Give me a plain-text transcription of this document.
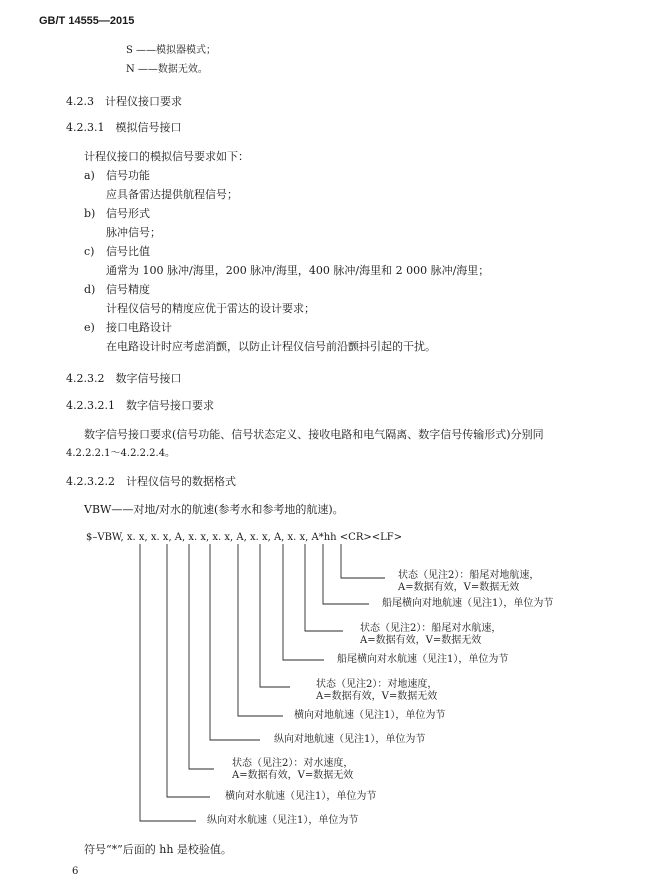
GB/T 14555—2015
S ——模拟器模式；
N ——数据无效。
4.2.3　计程仪接口要求
4.2.3.1　模拟信号接口
计程仪接口的模拟信号要求如下：
a) 信号功能
应具备雷达提供航程信号；
b) 信号形式
脉冲信号；
c) 信号比值
通常为 100 脉冲/海里，200 脉冲/海里，400 脉冲/海里和 2 000 脉冲/海里；
d) 信号精度
计程仪信号的精度应优于雷达的设计要求；
e) 接口电路设计
在电路设计时应考虑消颤，以防止计程仪信号前沿颤抖引起的干扰。
4.2.3.2　数字信号接口
4.2.3.2.1　数字信号接口要求
数字信号接口要求(信号功能、信号状态定义、接收电路和电气隔离、数字信号传输形式)分别同
4.2.2.2.1～4.2.2.2.4。
4.2.3.2.2　计程仪信号的数据格式
VBW——对地/对水的航速(参考水和参考地的航速)。
$–VBW, x. x, x. x, A, x. x, x. x, A, x. x, A, x. x, A*hh <CR><LF>
状态（见注2）：船尾对地航速，
A=数据有效，V=数据无效
船尾横向对地航速（见注1），单位为节
状态（见注2）：船尾对水航速，
A=数据有效，V=数据无效
船尾横向对水航速（见注1），单位为节
状态（见注2）：对地速度，
A=数据有效，V=数据无效
横向对地航速（见注1），单位为节
纵向对地航速（见注1），单位为节
状态（见注2）：对水速度，
A=数据有效，V=数据无效
横向对水航速（见注1），单位为节
纵向对水航速（见注1），单位为节
符号“*”后面的 hh 是校验值。
6
